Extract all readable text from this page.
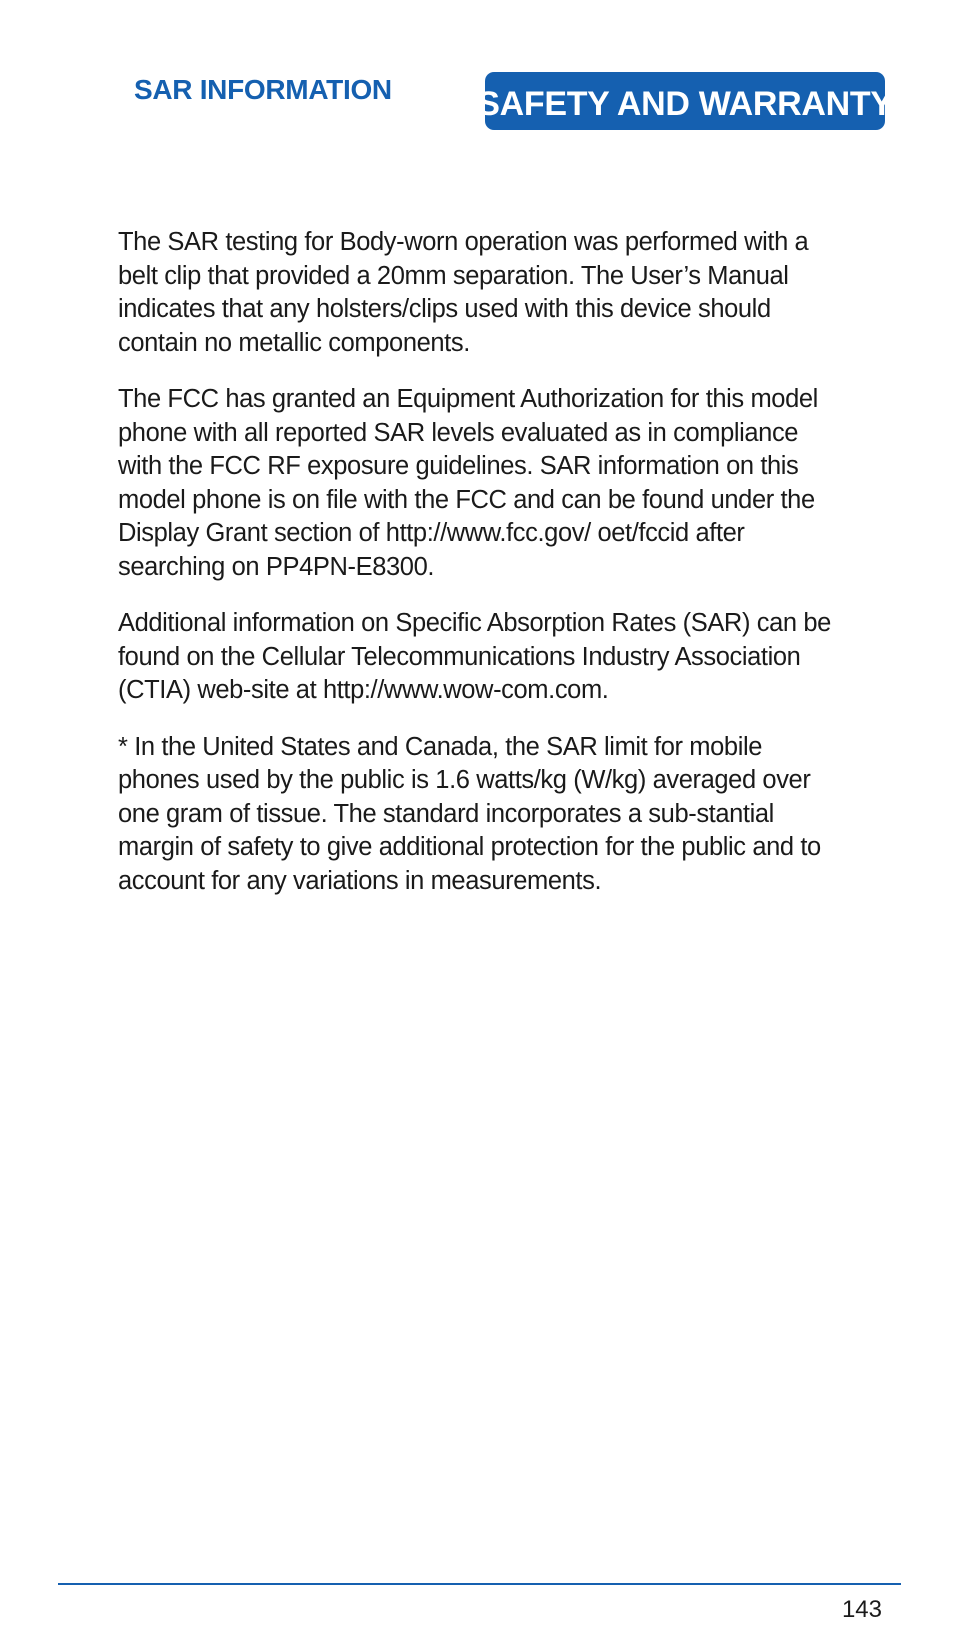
SAR INFORMATION	SAFETY AND WARRANTY

The SAR testing for Body-worn operation was performed with a belt clip that provided a 20mm separation. The User’s Manual indicates that any holsters/clips used with this device should contain no metallic components.

The FCC has granted an Equipment Authorization for this model phone with all reported SAR levels evaluated as in compliance with the FCC RF exposure guidelines. SAR information on this model phone is on file with the FCC and can be found under the Display Grant section of http://www.fcc.gov/ oet/fccid after searching on PP4PN-E8300.

Additional information on Specific Absorption Rates (SAR) can be found on the Cellular Telecommunications Industry Association (CTIA) web-site at http://www.wow-com.com.

* In the United States and Canada, the SAR limit for mobile phones used by the public is 1.6 watts/kg (W/kg) averaged over one gram of tissue. The standard incorporates a sub-stantial margin of safety to give additional protection for the public and to account for any variations in measurements.

143
